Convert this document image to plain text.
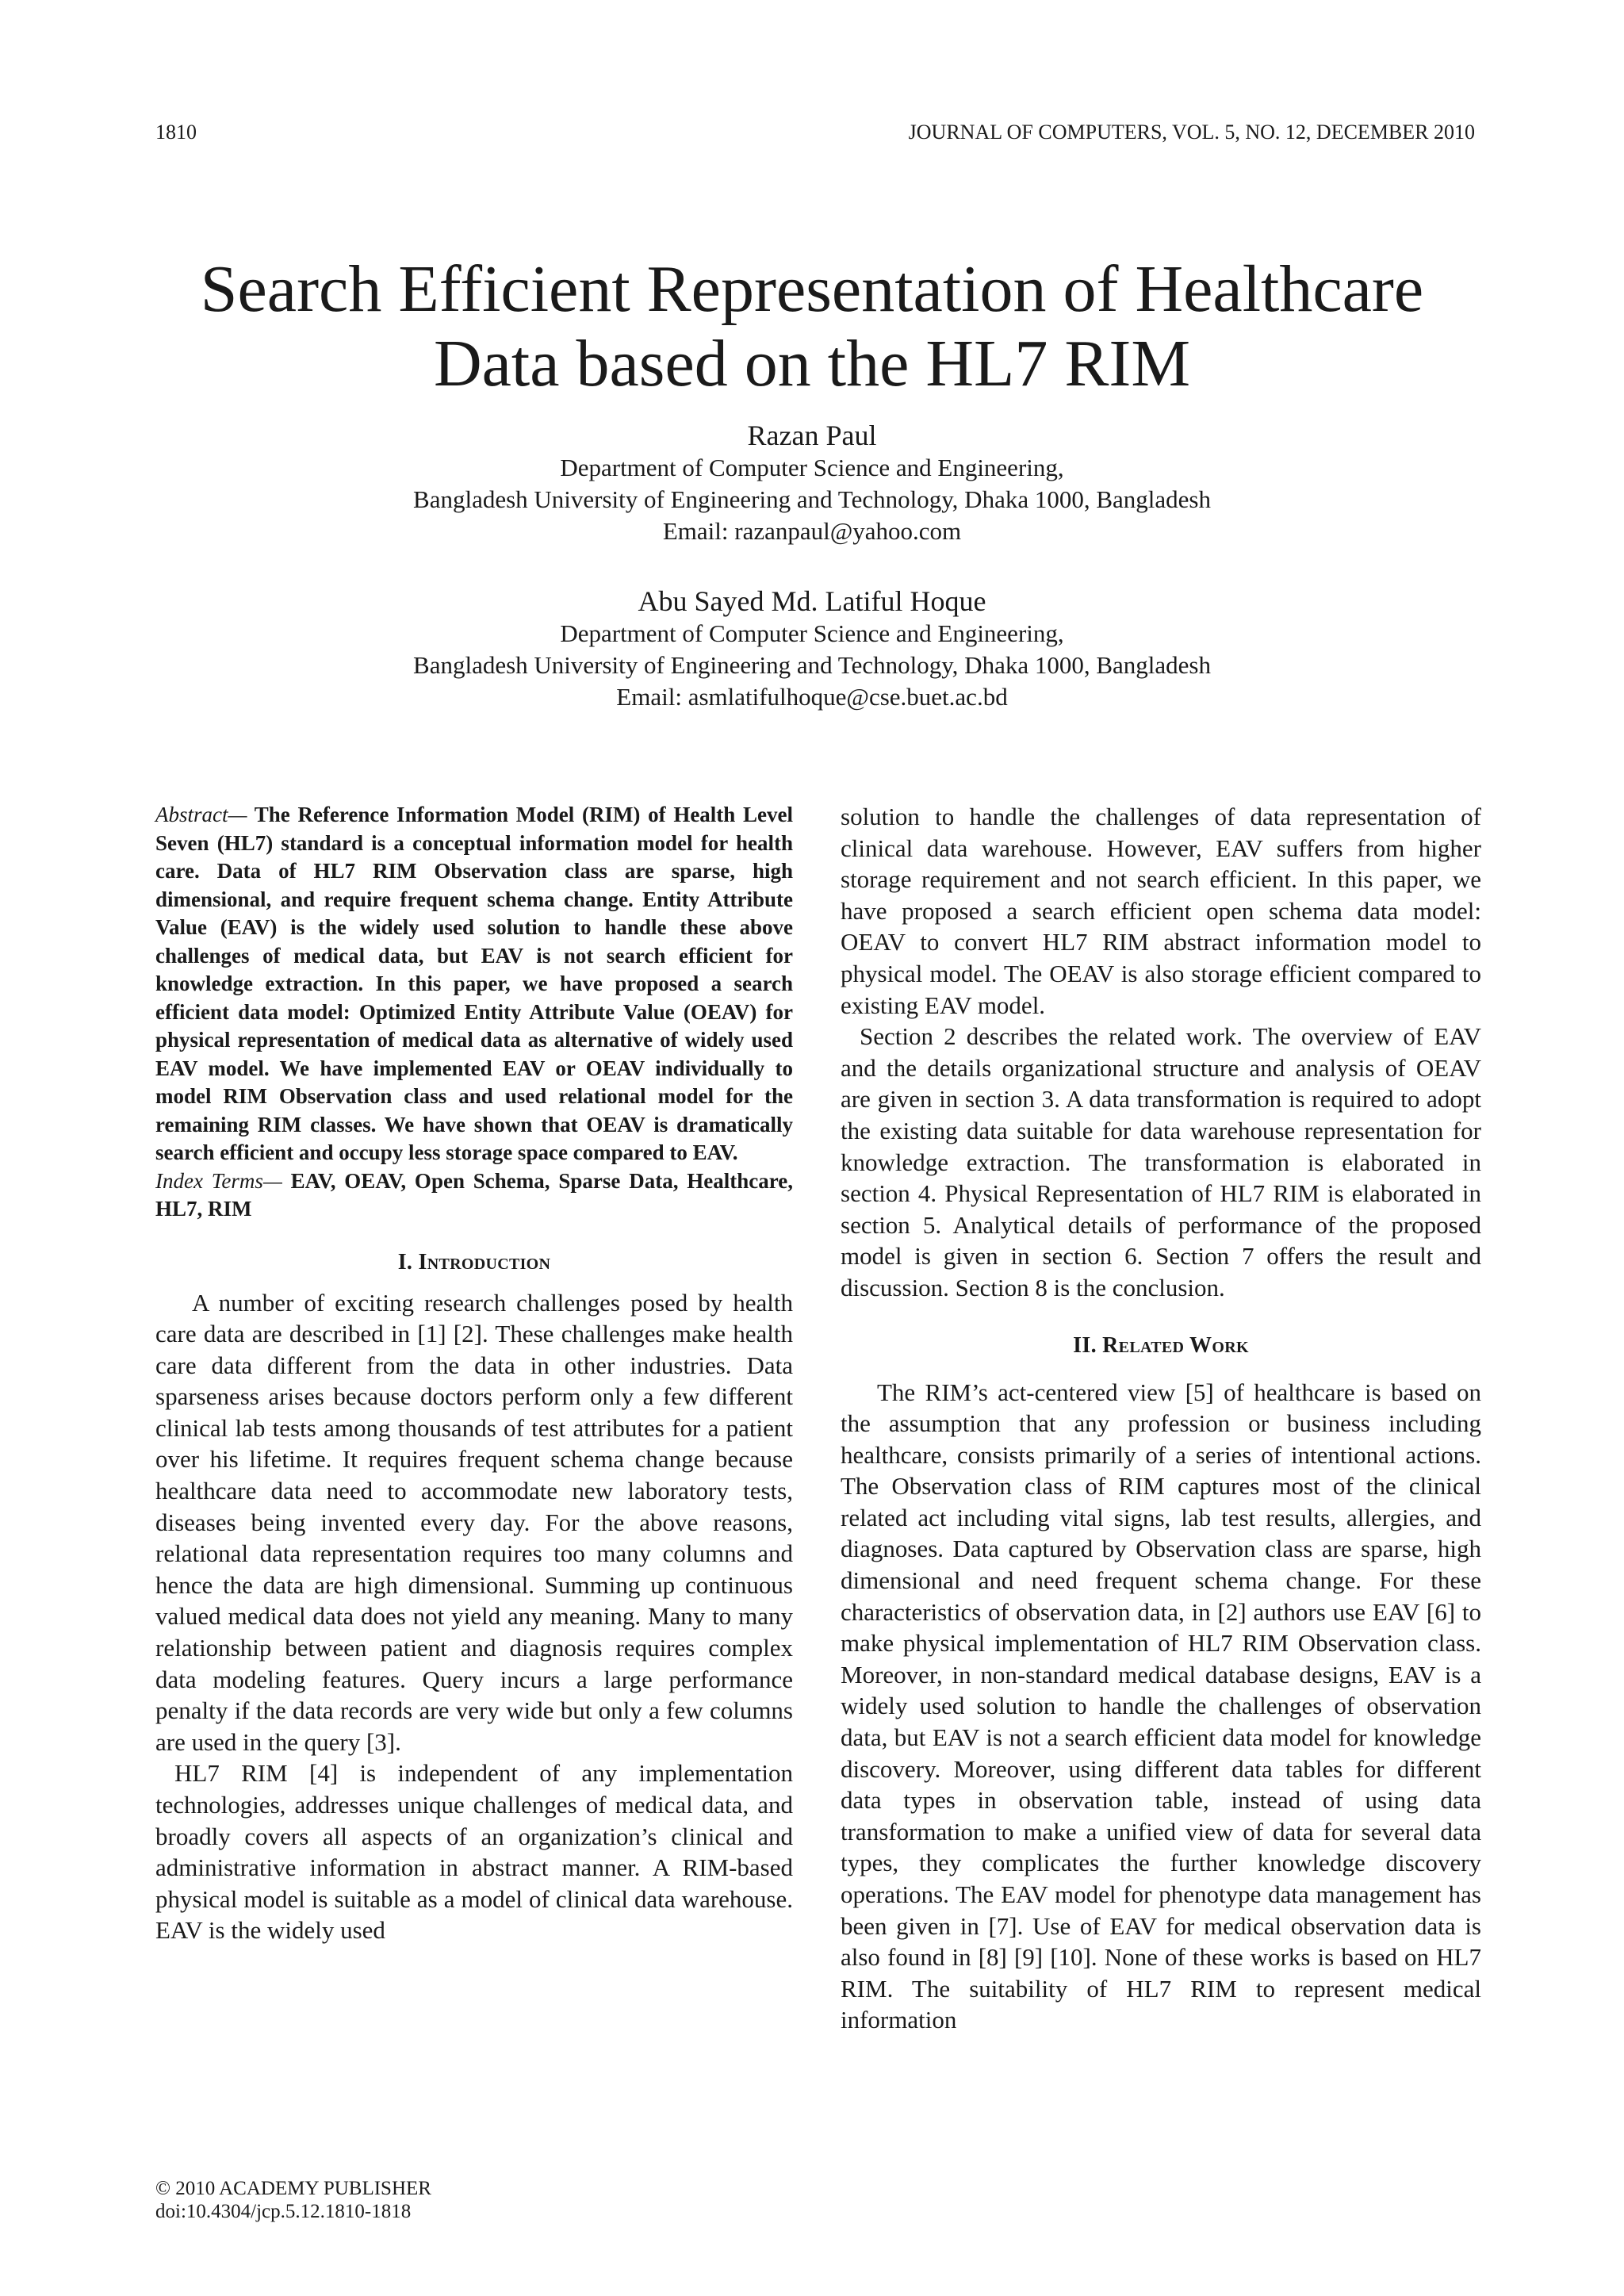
1810	JOURNAL OF COMPUTERS, VOL. 5, NO. 12, DECEMBER 2010
Search Efficient Representation of Healthcare
Data based on the HL7 RIM
Razan Paul
Department of Computer Science and Engineering,
Bangladesh University of Engineering and Technology, Dhaka 1000, Bangladesh
Email: razanpaul@yahoo.com
Abu Sayed Md. Latiful Hoque
Department of Computer Science and Engineering,
Bangladesh University of Engineering and Technology, Dhaka 1000, Bangladesh
Email: asmlatifulhoque@cse.buet.ac.bd

Abstract— The Reference Information Model (RIM) of Health Level Seven (HL7) standard is a conceptual information model for health care. Data of HL7 RIM Observation class are sparse, high dimensional, and require frequent schema change. Entity Attribute Value (EAV) is the widely used solution to handle these above challenges of medical data, but EAV is not search efficient for knowledge extraction. In this paper, we have proposed a search efficient data model: Optimized Entity Attribute Value (OEAV) for physical representation of medical data as alternative of widely used EAV model. We have implemented EAV or OEAV individually to model RIM Observation class and used relational model for the remaining RIM classes. We have shown that OEAV is dramatically search efficient and occupy less storage space compared to EAV.

Index Terms— EAV, OEAV, Open Schema, Sparse Data, Healthcare, HL7, RIM

I. Introduction

A number of exciting research challenges posed by health care data are described in [1] [2]. These challenges make health care data different from the data in other industries. Data sparseness arises because doctors perform only a few different clinical lab tests among thousands of test attributes for a patient over his lifetime. It requires frequent schema change because healthcare data need to accommodate new laboratory tests, diseases being invented every day. For the above reasons, relational data representation requires too many columns and hence the data are high dimensional. Summing up continuous valued medical data does not yield any meaning. Many to many relationship between patient and diagnosis requires complex data modeling features. Query incurs a large performance penalty if the data records are very wide but only a few columns are used in the query [3].

HL7 RIM [4] is independent of any implementation technologies, addresses unique challenges of medical data, and broadly covers all aspects of an organization’s clinical and administrative information in abstract manner. A RIM-based physical model is suitable as a model of clinical data warehouse. EAV is the widely used

solution to handle the challenges of data representation of clinical data warehouse. However, EAV suffers from higher storage requirement and not search efficient. In this paper, we have proposed a search efficient open schema data model: OEAV to convert HL7 RIM abstract information model to physical model. The OEAV is also storage efficient compared to existing EAV model.

Section 2 describes the related work. The overview of EAV and the details organizational structure and analysis of OEAV are given in section 3. A data transformation is required to adopt the existing data suitable for data warehouse representation for knowledge extraction. The transformation is elaborated in section 4. Physical Representation of HL7 RIM is elaborated in section 5. Analytical details of performance of the proposed model is given in section 6. Section 7 offers the result and discussion. Section 8 is the conclusion.

II. Related Work

The RIM’s act-centered view [5] of healthcare is based on the assumption that any profession or business including healthcare, consists primarily of a series of intentional actions. The Observation class of RIM captures most of the clinical related act including vital signs, lab test results, allergies, and diagnoses. Data captured by Observation class are sparse, high dimensional and need frequent schema change. For these characteristics of observation data, in [2] authors use EAV [6] to make physical implementation of HL7 RIM Observation class. Moreover, in non-standard medical database designs, EAV is a widely used solution to handle the challenges of observation data, but EAV is not a search efficient data model for knowledge discovery. Moreover, using different data tables for different data types in observation table, instead of using data transformation to make a unified view of data for several data types, they complicates the further knowledge discovery operations. The EAV model for phenotype data management has been given in [7]. Use of EAV for medical observation data is also found in [8] [9] [10]. None of these works is based on HL7 RIM. The suitability of HL7 RIM to represent medical information

© 2010 ACADEMY PUBLISHER
doi:10.4304/jcp.5.12.1810-1818
